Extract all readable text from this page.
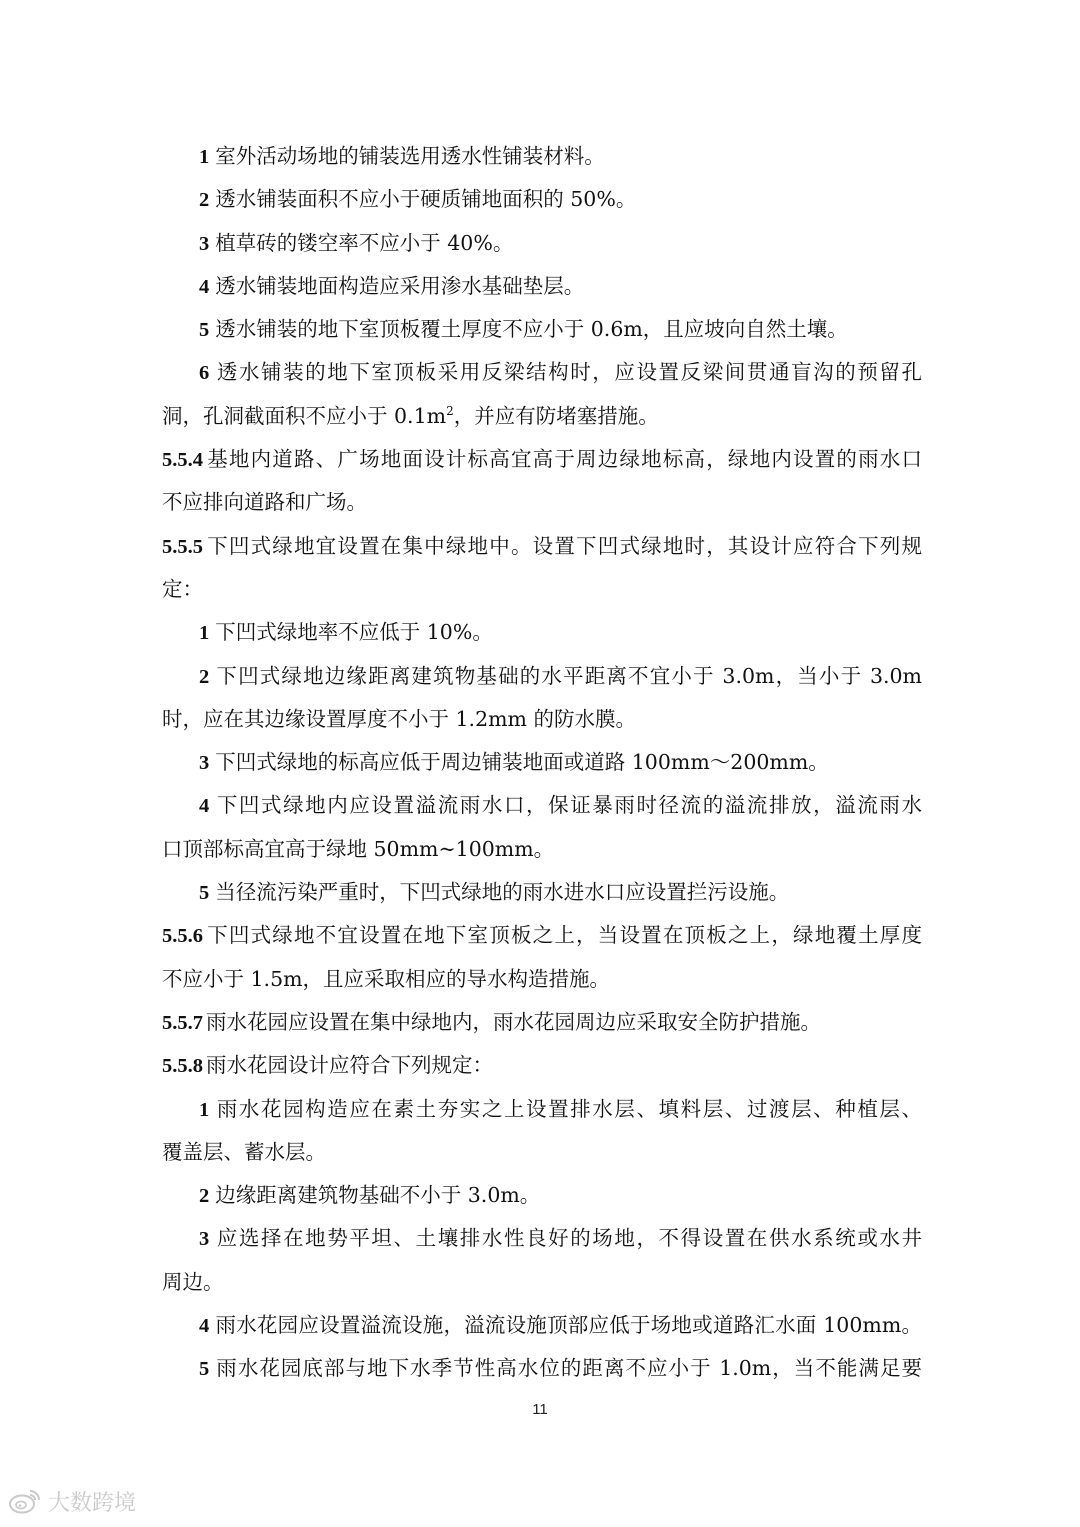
1 室外活动场地的铺装选用透水性铺装材料。
2 透水铺装面积不应小于硬质铺地面积的 50%。
3 植草砖的镂空率不应小于 40%。
4 透水铺装地面构造应采用渗水基础垫层。
5 透水铺装的地下室顶板覆土厚度不应小于 0.6m，且应坡向自然土壤。
6 透水铺装的地下室顶板采用反梁结构时，应设置反梁间贯通盲沟的预留孔
洞，孔洞截面积不应小于 $0.1m^2$，并应有防堵塞措施。
5.5.4 基地内道路、广场地面设计标高宜高于周边绿地标高，绿地内设置的雨水口
不应排向道路和广场。
5.5.5 下凹式绿地宜设置在集中绿地中。设置下凹式绿地时，其设计应符合下列规
定：
1 下凹式绿地率不应低于 10%。
2 下凹式绿地边缘距离建筑物基础的水平距离不宜小于 3.0m，当小于 3.0m
时，应在其边缘设置厚度不小于 1.2mm 的防水膜。
3 下凹式绿地的标高应低于周边铺装地面或道路 100mm～200mm。
4 下凹式绿地内应设置溢流雨水口，保证暴雨时径流的溢流排放，溢流雨水
口顶部标高宜高于绿地 50mm~100mm。
5 当径流污染严重时，下凹式绿地的雨水进水口应设置拦污设施。
5.5.6 下凹式绿地不宜设置在地下室顶板之上，当设置在顶板之上，绿地覆土厚度
不应小于 1.5m，且应采取相应的导水构造措施。
5.5.7 雨水花园应设置在集中绿地内，雨水花园周边应采取安全防护措施。
5.5.8 雨水花园设计应符合下列规定：
1 雨水花园构造应在素土夯实之上设置排水层、填料层、过渡层、种植层、
覆盖层、蓄水层。
2 边缘距离建筑物基础不小于 3.0m。
3 应选择在地势平坦、土壤排水性良好的场地，不得设置在供水系统或水井
周边。
4 雨水花园应设置溢流设施，溢流设施顶部应低于场地或道路汇水面 100mm。
5 雨水花园底部与地下水季节性高水位的距离不应小于 1.0m，当不能满足要
11
大数跨境
